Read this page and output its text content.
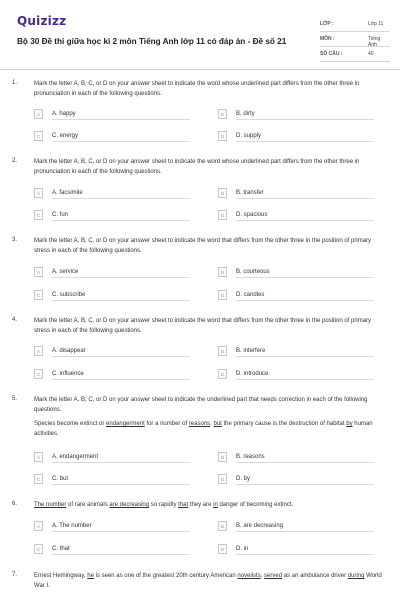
Quizizz
Bộ 30 Đề thi giữa học kì 2 môn Tiếng Anh lớp 11 có đáp án - Đề số 21
LỚP :	Lớp 11
MÔN :	Tiếng Anh
SỐ CÂU :	40
1.	Mark the letter A, B, C, or D on your answer sheet to indicate the word whose underlined part differs from the other three in pronunciation in each of the following questions.
A	A. happy	B	B. dirty
C	C. energy	D	D. supply
2.	Mark the letter A, B, C, or D on your answer sheet to indicate the word whose underlined part differs from the other three in pronunciation in each of the following questions.
A	A. facsimile	B	B. transfer
C	C. fun	D	D. spacious
3.	Mark the letter A, B, C, or D on your answer sheet to indicate the word that differs from the other three in the position of primary stress in each of the following questions.
A	A. service	B	B. courteous
C	C. subscribe	D	D. candles
4.	Mark the letter A, B, C, or D on your answer sheet to indicate the word that differs from the other three in the position of primary stress in each of the following questions.
A	A. disappear	B	B. interfere
C	C. influence	D	D. introduce
5.	Mark the letter A, B, C, or D on your answer sheet to indicate the underlined part that needs correction in each of the following questions.
Species become extinct or endangerment for a number of reasons, but the primary cause is the destruction of habitat by human activities.
A	A. endangerment	B	B. reasons
C	C. but	D	D. by
6.	The number of rare animals are decreasing so rapidly that they are in danger of becoming extinct.
A	A. The number	B	B. are decreasing
C	C. that	D	D. in
7.	Ernest Hemingway, he is seen as one of the greatest 20th century American novelists, served as an ambulance driver during World War I.
